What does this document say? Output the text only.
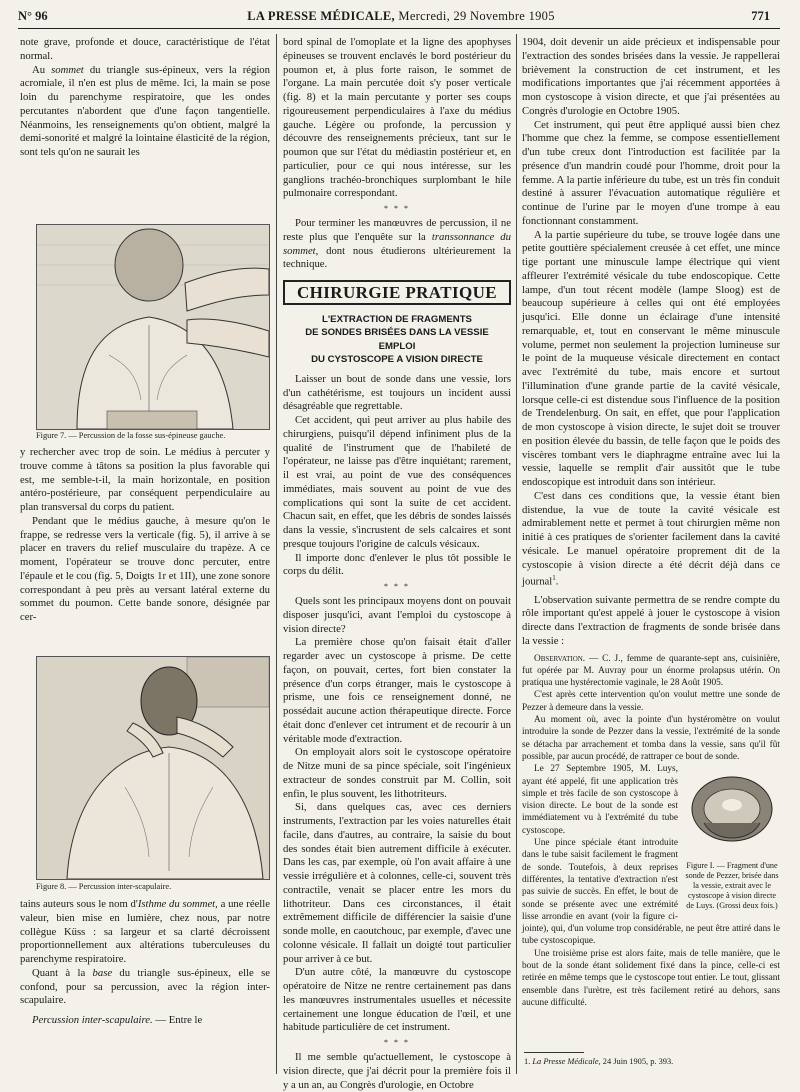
N° 96	LA PRESSE MÉDICALE, Mercredi, 29 Novembre 1905	771

note grave, profonde et douce, caractéristique de l'état normal.

Au sommet du triangle sus-épineux, vers la région acromiale, il n'en est plus de même. Ici, la main se pose loin du parenchyme respiratoire, que les ondes percutantes n'abordent que d'une façon tangentielle. Néanmoins, les renseignements qu'on obtient, malgré la demi-sonorité et malgré la lointaine élasticité de la région, sont tels qu'on ne saurait les

Figure 7. — Percussion de la fosse sus-épineuse gauche.

y rechercher avec trop de soin. Le médius à percuter y trouve comme à tâtons sa position la plus favorable qui est, me semble-t-il, la main horizontale, en position antéro-postérieure, par conséquent perpendiculaire au plan transversal du corps du patient.

Pendant que le médius gauche, à mesure qu'on le frappe, se redresse vers la verticale (fig. 5), il arrive à se placer en travers du relief musculaire du trapèze. A ce moment, l'opérateur se trouve donc percuter, entre l'épaule et le cou (fig. 5, Doigts 1r et 1II), une zone sonore correspondant à peu près au versant latéral externe du sommet du poumon. Cette bande sonore, désignée par cer-

Figure 8. — Percussion inter-scapulaire.

tains auteurs sous le nom d'Isthme du sommet, a une réelle valeur, bien mise en lumière, chez nous, par notre collègue Küss : sa largeur et sa clarté décroissent proportionnellement aux altérations tuberculeuses du parenchyme respiratoire.

Quant à la base du triangle sus-épineux, elle se confond, pour sa percussion, avec la région inter-scapulaire.

Percussion inter-scapulaire. — Entre le

bord spinal de l'omoplate et la ligne des apophyses épineuses se trouvent enclavés le bord postérieur du poumon et, à plus forte raison, le sommet de l'organe. La main percutée doit s'y poser verticale (fig. 8) et la main percutante y porter ses coups rigoureusement perpendiculaires à l'axe du médius gauche. Légère ou profonde, la percussion y découvre des renseignements précieux, tant sur le poumon que sur l'état du médiastin postérieur et, en particulier, pour ce qui nous intéresse, sur les ganglions trachéo-bronchiques surplombant le hile pulmonaire correspondant.

* * *

Pour terminer les manœuvres de percussion, il ne reste plus que l'enquête sur la transsonnance du sommet, dont nous étudierons ultérieurement la technique.

CHIRURGIE PRATIQUE
L'EXTRACTION DE FRAGMENTS
DE SONDES BRISÉES DANS LA VESSIE
EMPLOI
DU CYSTOSCOPE A VISION DIRECTE

Laisser un bout de sonde dans une vessie, lors d'un cathétérisme, est toujours un incident aussi désagréable que regrettable.

Cet accident, qui peut arriver au plus habile des chirurgiens, puisqu'il dépend infiniment plus de la qualité de l'instrument que de l'habileté de l'opérateur, ne laisse pas d'être inquiétant; rarement, il est vrai, au point de vue des conséquences immédiates, mais souvent au point de vue des complications qui sont la suite de cet accident. Chacun sait, en effet, que les débris de sondes laissés dans la vessie, s'incrustent de sels calcaires et sont presque toujours l'origine de calculs vésicaux.

Il importe donc d'enlever le plus tôt possible le corps du délit.

* * *

Quels sont les principaux moyens dont on pouvait disposer jusqu'ici, avant l'emploi du cystoscope à vision directe?

La première chose qu'on faisait était d'aller regarder avec un cystoscope à prisme. De cette façon, on pouvait, certes, fort bien constater la présence d'un corps étranger, mais le cystoscope à prisme, une fois ce renseignement donné, ne possédait aucune action thérapeutique directe. Force était donc d'enlever cet intrument et de recourir à un véritable mode d'extraction.

On employait alors soit le cystoscope opératoire de Nitze muni de sa pince spéciale, soit l'ingénieux extracteur de sondes construit par M. Collin, soit enfin, le plus souvent, les lithotriteurs.

Si, dans quelques cas, avec ces derniers instruments, l'extraction par les voies naturelles était facile, dans d'autres, au contraire, la saisie du bout des sondes était bien autrement difficile à exécuter. Dans les cas, par exemple, où l'on avait affaire à une vessie irrégulière et à colonnes, celle-ci, souvent très contractile, venait se placer entre les mors du lithotriteur. Dans ces circonstances, il était extrêmement difficile de différencier la saisie d'une sonde molle, en caoutchouc, par exemple, d'avec une colonne vésicale. Il fallait un doigté tout particulier pour arriver à ce but.

D'un autre côté, la manœuvre du cystoscope opératoire de Nitze ne rentre certainement pas dans les manœuvres instrumentales usuelles et nécessite certainement une longue éducation de l'œil, et une habitude particulière de cet instrument.

* * *

Il me semble qu'actuellement, le cystoscope à vision directe, que j'ai décrit pour la première fois il y a un an, au Congrès d'urologie, en Octobre

1904, doit devenir un aide précieux et indispensable pour l'extraction des sondes brisées dans la vessie. Je rappellerai brièvement la construction de cet instrument, et les modifications importantes que j'ai récemment apportées à mon cystoscope à vision directe, et que j'ai présentées au Congrès d'urologie en Octobre 1905.

Cet instrument, qui peut être appliqué aussi bien chez l'homme que chez la femme, se compose essentiellement d'un tube creux dont l'introduction est facilitée par la présence d'un mandrin coudé pour l'homme, droit pour la femme. A la partie inférieure du tube, est un très fin conduit destiné à assurer l'évacuation automatique régulière et continue de l'urine par le moyen d'une trompe à eau fonctionnant constamment.

A la partie supérieure du tube, se trouve logée dans une petite gouttière spécialement creusée à cet effet, une mince tige portant une minuscule lampe électrique qui vient affleurer l'extrémité vésicale du tube endoscopique. Cette lampe, d'un tout récent modèle (lampe Sloog) est de beaucoup supérieure à celles qui ont été employées jusqu'ici. Elle donne un éclairage d'une intensité remarquable, et, tout en conservant le même minuscule volume, permet non seulement la projection lumineuse sur le point de la muqueuse vésicale directement en contact avec l'extrémité du tube, mais encore et surtout l'illumination d'une grande partie de la cavité vésicale, lorsque celle-ci est distendue sous l'influence de la position de Trendelenburg. On sait, en effet, que pour l'application de mon cystoscope à vision directe, le sujet doit se trouver en position élevée du bassin, de telle façon que le poids des viscères tombant vers le diaphragme entraîne avec lui la vessie, laquelle se remplit d'air aussitôt que le tube endoscopique est introduit dans son intérieur.

C'est dans ces conditions que, la vessie étant bien distendue, la vue de toute la cavité vésicale est admirablement nette et permet à tout chirurgien même non initié à ces pratiques de s'orienter facilement dans la cavité vésicale. Le manuel opératoire proprement dit de la cystoscopie à vision directe a été décrit déjà dans ce journal$^1$.

L'observation suivante permettra de se rendre compte du rôle important qu'est appelé à jouer le cystoscope à vision directe dans l'extraction de fragments de sonde brisée dans la vessie :

Observation. — C. J., femme de quarante-sept ans, cuisinière, fut opérée par M. Auvray pour un énorme prolapsus utérin. On pratiqua une hystérectomie vaginale, le 28 Août 1905.

C'est après cette intervention qu'on voulut mettre une sonde de Pezzer à demeure dans la vessie.

Au moment où, avec la pointe d'un hystéromètre on voulut introduire la sonde de Pezzer dans la vessie, l'extrémité de la sonde se détacha par arrachement et tomba dans la vessie, sans qu'il fût possible, par aucun procédé, de rattraper ce bout de sonde.

Figure I. — Fragment d'une sonde de Pezzer, brisée dans la vessie, extrait avec le cystoscope à vision directe de Luys. (Grossi deux fois.)

Le 27 Septembre 1905, M. Luys, ayant été appelé, fit une application très simple et très facile de son cystoscope à vision directe. Le bout de la sonde est immédiatement vu à l'extrémité du tube cystoscope.

Une pince spéciale étant introduite dans le tube saisit facilement le fragment de sonde. Toutefois, à deux reprises différentes, la tentative d'extraction n'est pas suivie de succès. En effet, le bout de sonde se présente avec une extrémité lisse arrondie en avant (voir la figure ci-jointe), qui, d'un volume trop considérable, ne peut être attiré dans le tube cystoscopique.

Une troisième prise est alors faite, mais de telle manière, que le bout de la sonde étant solidement fixé dans la pince, celle-ci est retirée en même temps que le cystoscope tout entier. Le tout, glissant ensemble dans l'urètre, est très facilement retiré au dehors, sans aucune difficulté.

1. La Presse Médicale, 24 Juin 1905, p. 393.
